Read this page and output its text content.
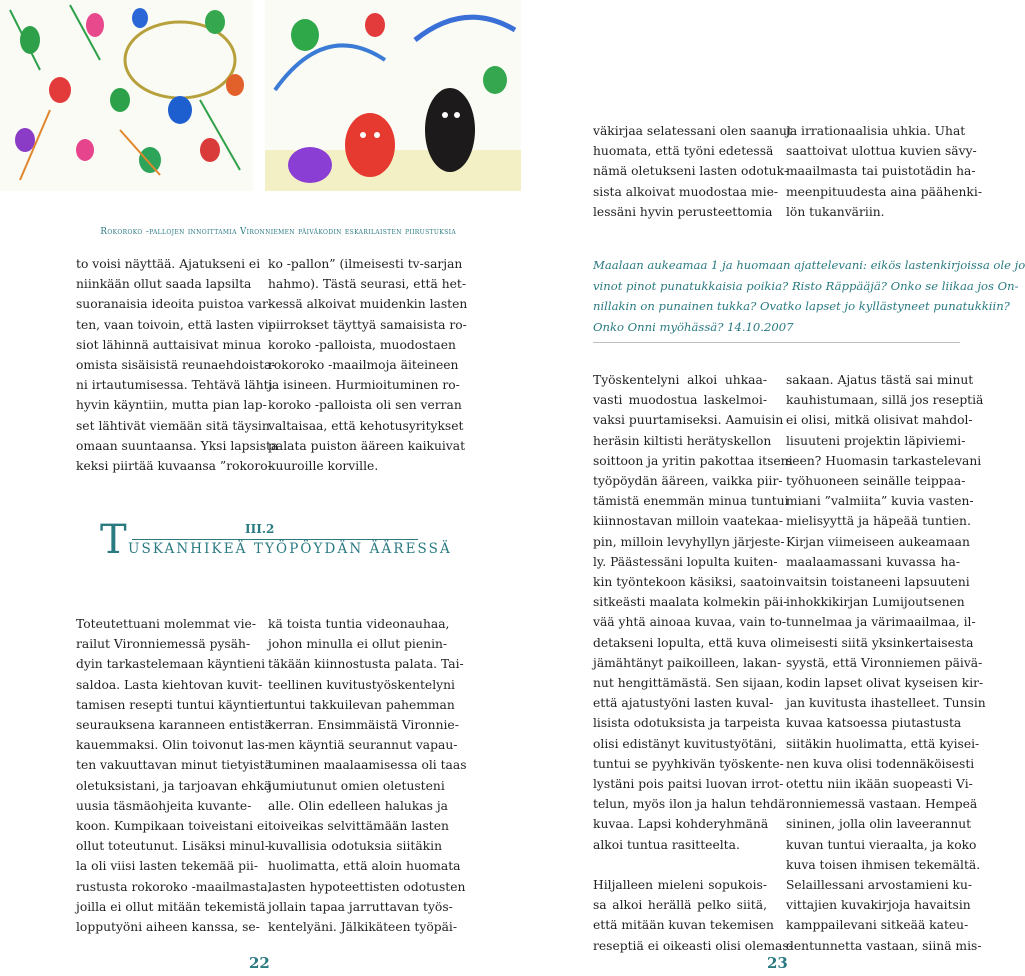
Rokoroko -pallojen innoittamia Vironniemen päiväkodin eskarilaisten piirustuksia
väkirjaa selatessani olen saanut
huomata, että työni edetessä
nämä oletukseni lasten odotuk-
sista alkoivat muodostaa mie-
lessäni hyvin perusteettomia
ja irrationaalisia uhkia. Uhat
saattoivat ulottua kuvien sävy-
maailmasta tai puistotädin ha-
meenpituudesta aina päähenki-
lön tukanväriin.
to voisi näyttää. Ajatukseni ei
niinkään ollut saada lapsilta
suoranaisia ideoita puistoa var-
ten, vaan toivoin, että lasten vi-
siot lähinnä auttaisivat minua
omista sisäisistä reunaehdoista-
ni irtautumisessa. Tehtävä lähti
hyvin käyntiin, mutta pian lap-
set lähtivät viemään sitä täysin
omaan suuntaansa. Yksi lapsista
keksi piirtää kuvaansa ”rokoro-
ko -pallon” (ilmeisesti tv-sarjan
hahmo). Tästä seurasi, että het-
kessä alkoivat muidenkin lasten
piirrokset täyttyä samaisista ro-
koroko -palloista, muodostaen
rokoroko -maailmoja äiteineen
ja isineen. Hurmioituminen ro-
koroko -palloista oli sen verran
valtaisaa, että kehotusyritykset
palata puiston ääreen kaikuivat
kuuroille korville.
III.2
T USKANHIKEÄ TYÖPÖYDÄN ÄÄRESSÄ
Toteutettuani molemmat vie-
railut Vironniemessä pysäh-
dyin tarkastelemaan käyntieni
saldoa. Lasta kiehtovan kuvit-
tamisen resepti tuntui käyntien
seurauksena karanneen entistä
kauemmaksi. Olin toivonut las-
ten vakuuttavan minut tietyistä
oletuksistani, ja tarjoavan ehkä
uusia täsmäohjeita kuvante-
koon. Kumpikaan toiveistani ei
ollut toteutunut. Lisäksi minul-
la oli viisi lasten tekemää pii-
rustusta rokoroko -maailmasta,
joilla ei ollut mitään tekemistä
lopputyöni aiheen kanssa, se-
kä toista tuntia videonauhaa,
johon minulla ei ollut pienin-
täkään kiinnostusta palata. Tai-
teellinen kuvitustyöskentelyni
tuntui takkuilevan pahemman
kerran. Ensimmäistä Vironnie-
men käyntiä seurannut vapau-
tuminen maalaamisessa oli taas
jumiutunut omien oletusteni
alle. Olin edelleen halukas ja
toiveikas selvittämään lasten
kuvallisia odotuksia siitäkin
huolimatta, että aloin huomata
lasten hypoteettisten odotusten
jollain tapaa jarruttavan työs-
kentelyäni. Jälkikäteen työpäi-
Maalaan aukeamaa 1 ja huomaan ajattelevani: eikös lastenkirjoissa ole jo
vinot pinot punatukkaisia poikia? Risto Räppääjä? Onko se liikaa jos On-
nillakin on punainen tukka? Ovatko lapset jo kyllästyneet punatukkiin?
Onko Onni myöhässä? 14.10.2007
Työskentelyni alkoi uhkaa-
vasti muodostua laskelmoi-
vaksi puurtamiseksi. Aamuisin
heräsin kiltisti herätyskellon
soittoon ja yritin pakottaa itseni
työpöydän ääreen, vaikka piir-
tämistä enemmän minua tuntui
kiinnostavan milloin vaatekaa-
pin, milloin levyhyllyn järjeste-
ly. Päästessäni lopulta kuiten-
kin työntekoon käsiksi, saatoin
sitkeästi maalata kolmekin päi-
vää yhtä ainoaa kuvaa, vain to-
detakseni lopulta, että kuva oli
jämähtänyt paikoilleen, lakan-
nut hengittämästä. Sen sijaan,
että ajatustyöni lasten kuval-
lisista odotuksista ja tarpeista
olisi edistänyt kuvitustyötäni,
tuntui se pyyhkivän työskente-
lystäni pois paitsi luovan irrot-
telun, myös ilon ja halun tehdä
kuvaa. Lapsi kohderyhmänä
alkoi tuntua rasitteelta.

Hiljalleen mieleni sopukois-
sa alkoi herällä pelko siitä,
että mitään kuvan tekemisen
reseptiä ei oikeasti olisi olemas-
sakaan. Ajatus tästä sai minut
kauhistumaan, sillä jos reseptiä
ei olisi, mitkä olisivat mahdol-
lisuuteni projektin läpiviemi-
seen? Huomasin tarkastelevani
työhuoneen seinälle teippaa-
miani ”valmiita” kuvia vasten-
mielisyyttä ja häpeää tuntien.
Kirjan viimeiseen aukeamaan
maalaamassani kuvassa ha-
vaitsin toistaneeni lapsuuteni
inhokkikirjan Lumijoutsenen
tunnelmaa ja värimaailmaa, il-
meisesti siitä yksinkertaisesta
syystä, että Vironniemen päivä-
kodin lapset olivat kyseisen kir-
jan kuvitusta ihastelleet. Tunsin
kuvaa katsoessa piutastusta
siitäkin huolimatta, että kyisei-
nen kuva olisi todennäköisesti
otettu niin ikään suopeasti Vi-
ronniemessä vastaan. Hempeä
sininen, jolla olin laveerannut
kuvan tuntui vieraalta, ja koko
kuva toisen ihmisen tekemältä.
Selaillessani arvostamieni ku-
vittajien kuvakirjoja havaitsin
kamppailevani sitkeää kateu-
dentunnetta vastaan, siinä mis-
22	23
